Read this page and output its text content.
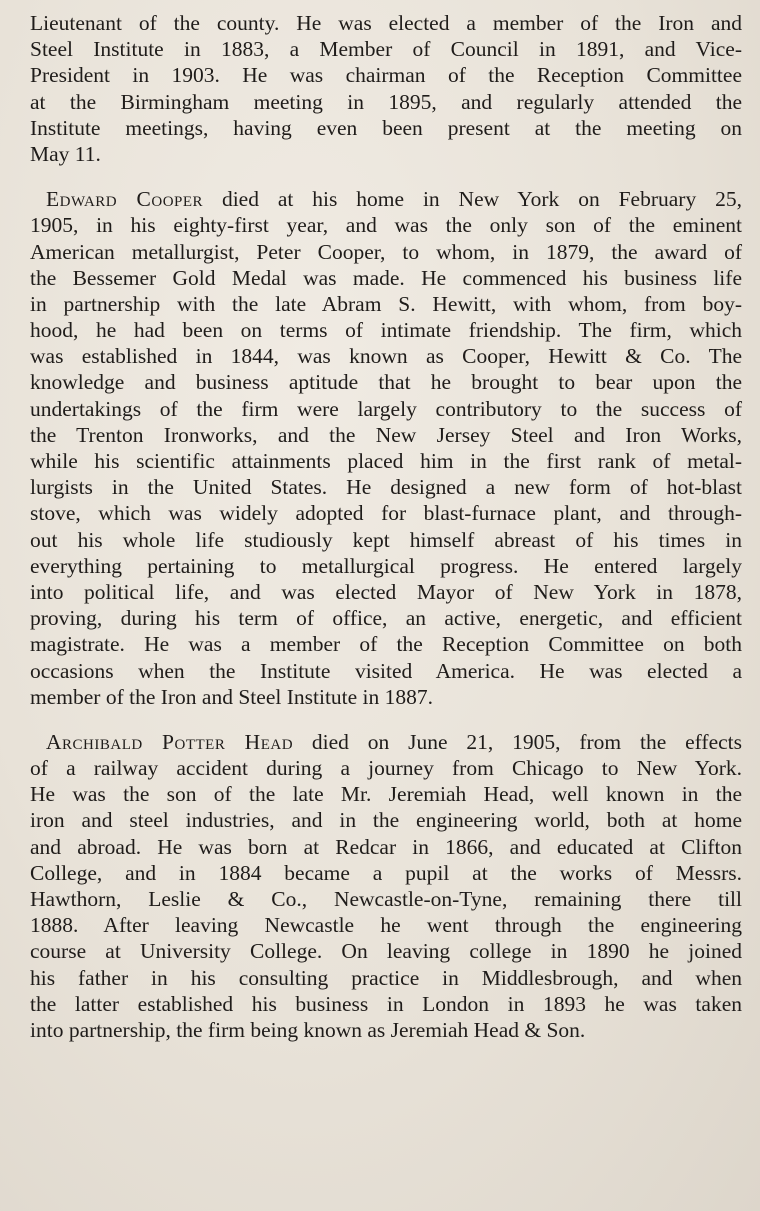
Lieutenant of the county. He was elected a member of the Iron and
Steel Institute in 1883, a Member of Council in 1891, and Vice-
President in 1903. He was chairman of the Reception Committee
at the Birmingham meeting in 1895, and regularly attended the
Institute meetings, having even been present at the meeting on
May 11.
Edward Cooper died at his home in New York on February 25,
1905, in his eighty-first year, and was the only son of the eminent
American metallurgist, Peter Cooper, to whom, in 1879, the award of
the Bessemer Gold Medal was made. He commenced his business life
in partnership with the late Abram S. Hewitt, with whom, from boy-
hood, he had been on terms of intimate friendship. The firm, which
was established in 1844, was known as Cooper, Hewitt & Co. The
knowledge and business aptitude that he brought to bear upon the
undertakings of the firm were largely contributory to the success of
the Trenton Ironworks, and the New Jersey Steel and Iron Works,
while his scientific attainments placed him in the first rank of metal-
lurgists in the United States. He designed a new form of hot-blast
stove, which was widely adopted for blast-furnace plant, and through-
out his whole life studiously kept himself abreast of his times in
everything pertaining to metallurgical progress. He entered largely
into political life, and was elected Mayor of New York in 1878,
proving, during his term of office, an active, energetic, and efficient
magistrate. He was a member of the Reception Committee on both
occasions when the Institute visited America. He was elected a
member of the Iron and Steel Institute in 1887.
Archibald Potter Head died on June 21, 1905, from the effects
of a railway accident during a journey from Chicago to New York.
He was the son of the late Mr. Jeremiah Head, well known in the
iron and steel industries, and in the engineering world, both at home
and abroad. He was born at Redcar in 1866, and educated at Clifton
College, and in 1884 became a pupil at the works of Messrs.
Hawthorn, Leslie & Co., Newcastle-on-Tyne, remaining there till
1888. After leaving Newcastle he went through the engineering
course at University College. On leaving college in 1890 he joined
his father in his consulting practice in Middlesbrough, and when
the latter established his business in London in 1893 he was taken
into partnership, the firm being known as Jeremiah Head & Son.
